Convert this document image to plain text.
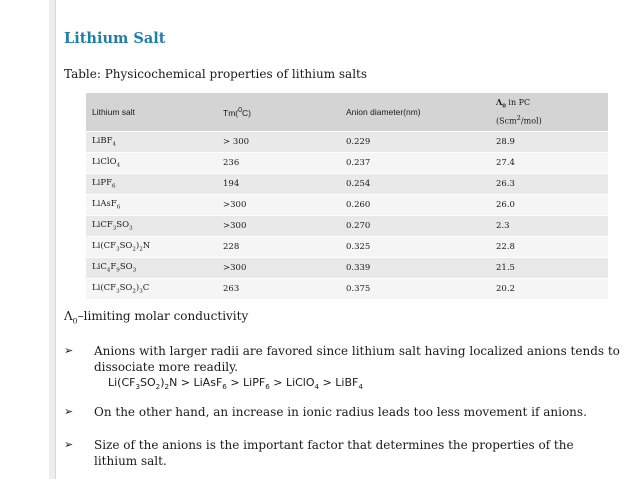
Lithium Salt
Table: Physicochemical properties of lithium salts
Lithium salt	Tm($^0$C)	Anion diameter(nm)	$\Lambda_0$ in PC
(Scm$^2$/mol)
LiBF$_4$	> 300	0.229	28.9
LiClO$_4$	236	0.237	27.4
LiPF$_6$	194	0.254	26.3
LiAsF$_6$	>300	0.260	26.0
$LiCF_3SO_3$	>300	0.270	2.3
$Li(CF_3SO_2)_2N$	228	0.325	22.8
$LiC_4F_9SO_3$	>300	0.339	21.5
$Li(CF_3SO_2)_3C$	263	0.375	20.2
$\Lambda_0$–limiting molar conductivity
➢ Anions with larger radii are favored since lithium salt having localized anions tends to dissociate more readily.
$Li(CF_3SO_2)_2N$ > LiAsF$_6$ > LiPF$_6$ > LiClO$_4$ > LiBF$_4$
➢ On the other hand, an increase in ionic radius leads too less movement if anions.
➢ Size of the anions is the important factor that determines the properties of the lithium salt.
